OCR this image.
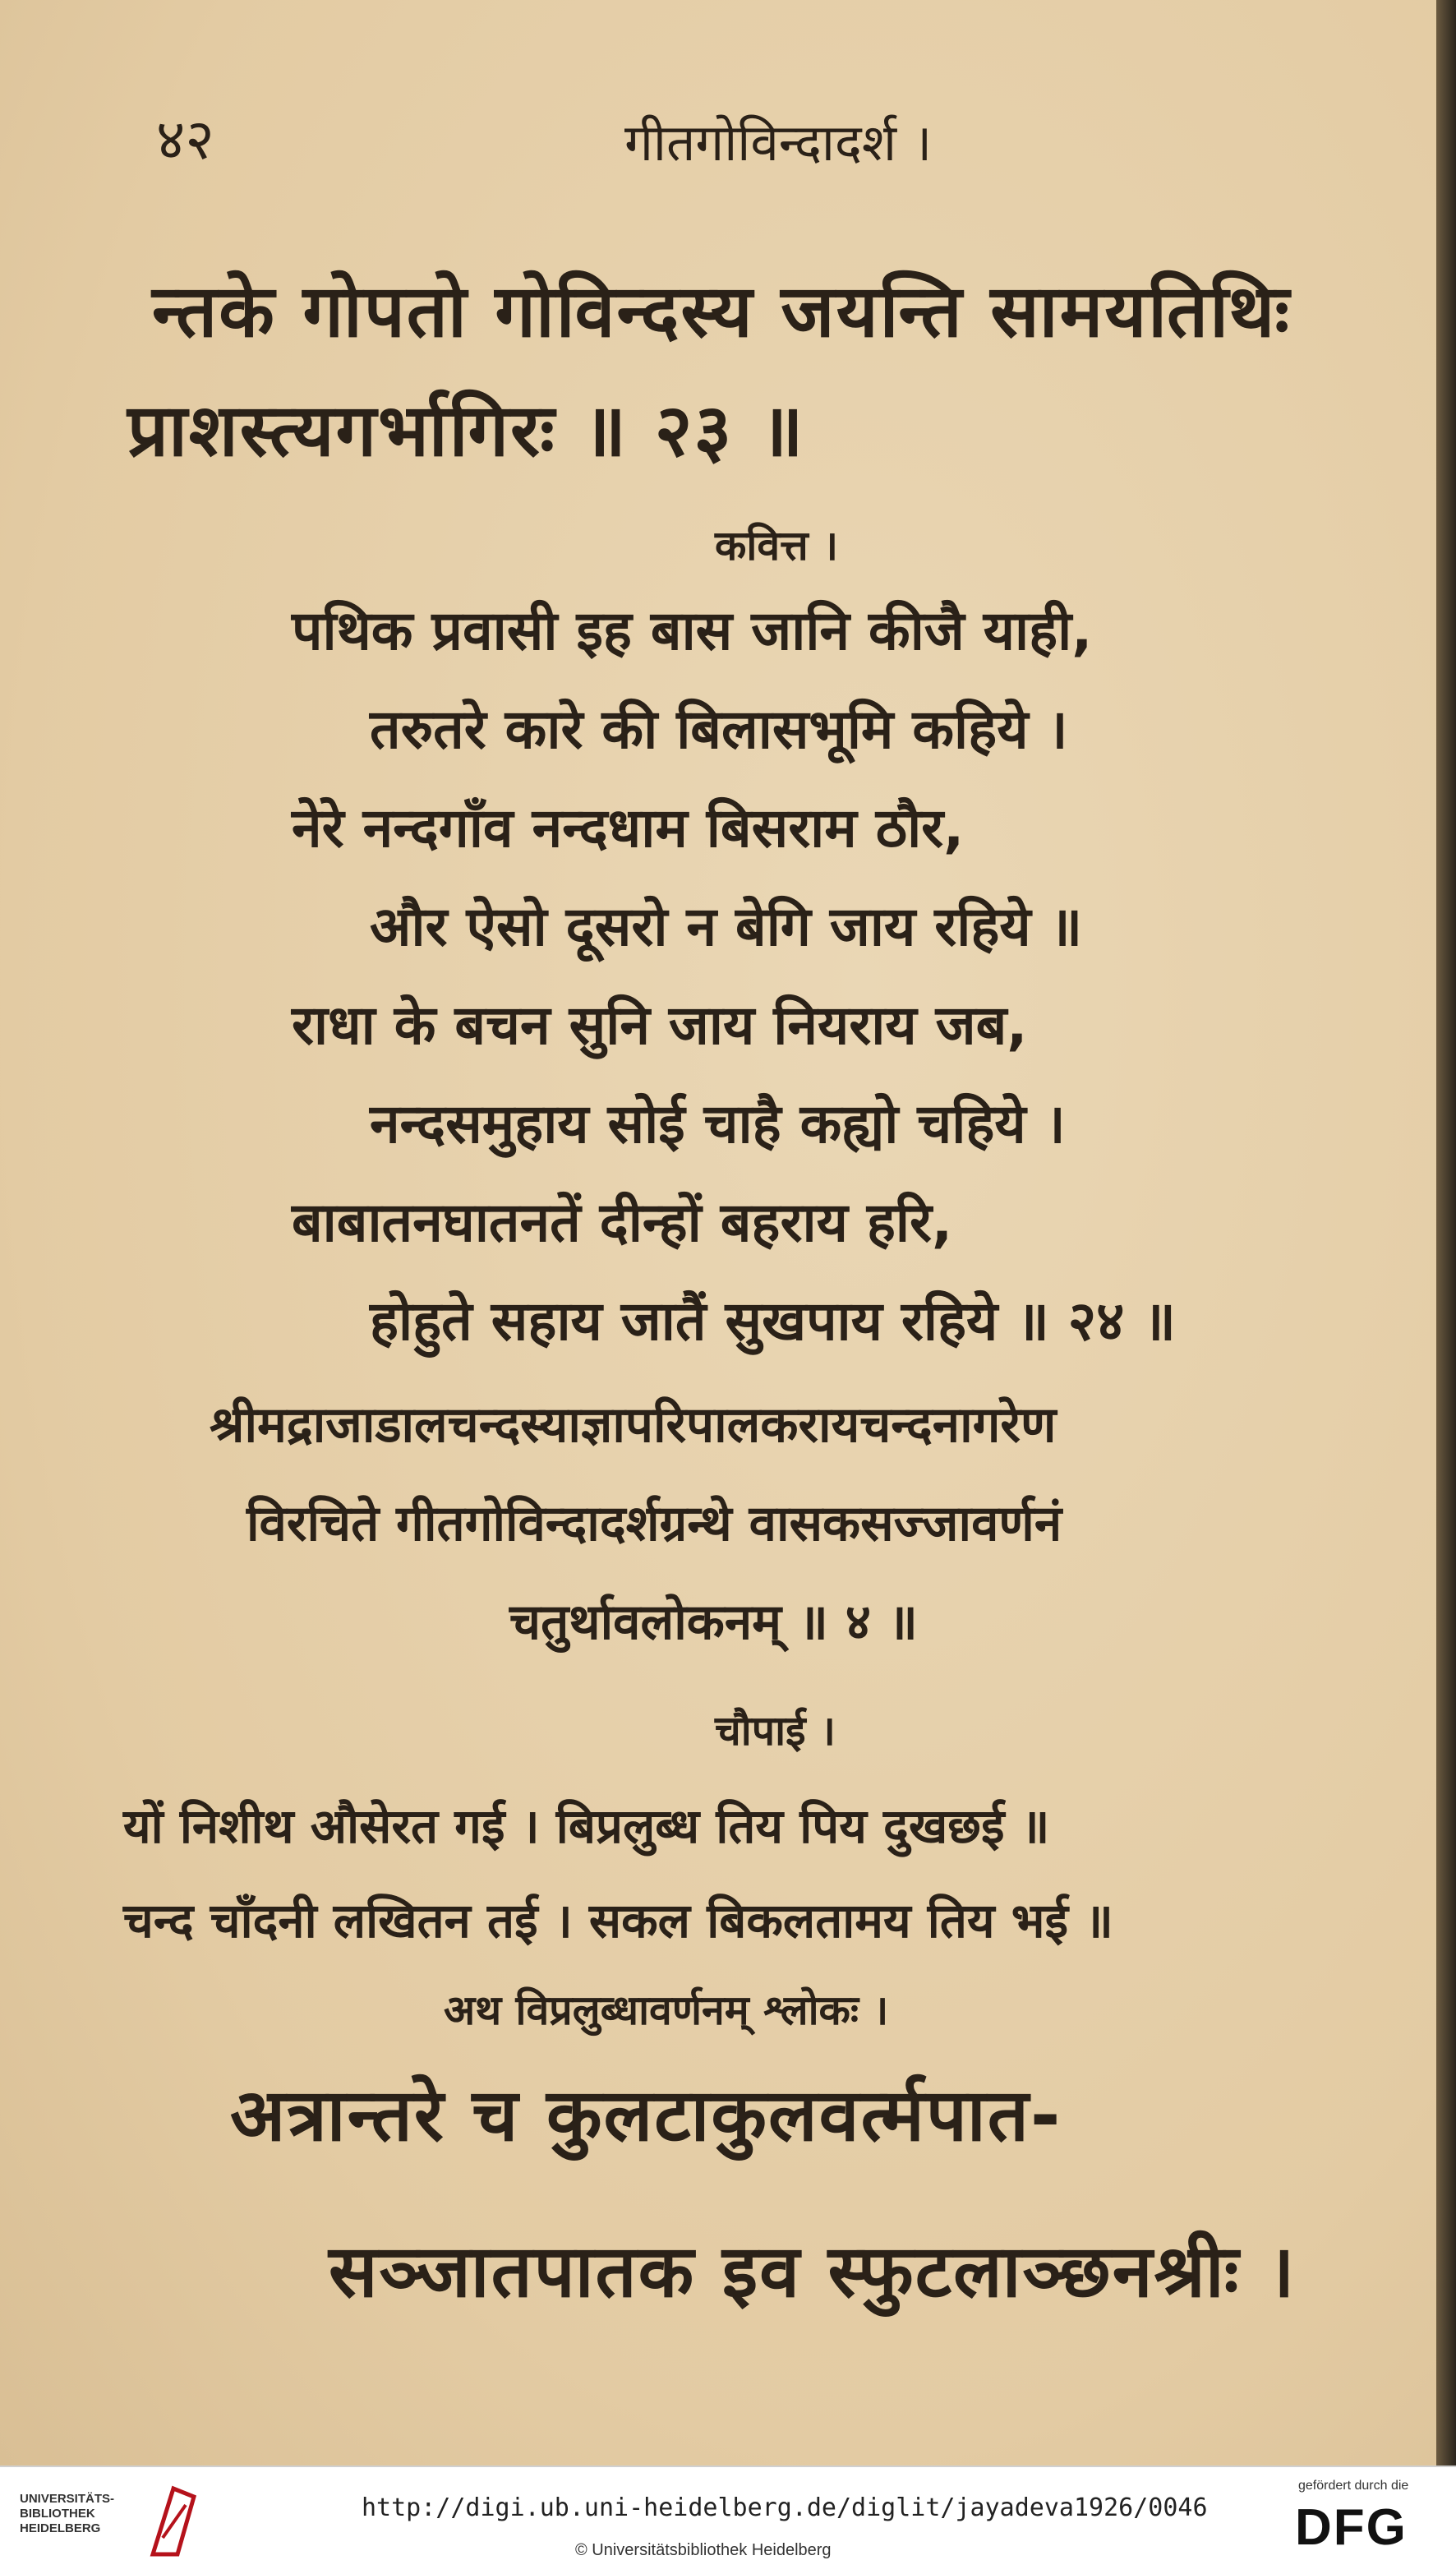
४२	गीतगोविन्दादर्श ।
न्तके गोपतो गोविन्दस्य जयन्ति सामयतिथिः
प्राशस्त्यगर्भागिरः ॥ २३ ॥
कवित्त ।
पथिक प्रवासी इह बास जानि कीजै याही,
तरुतरे कारे की बिलासभूमि कहिये ।
नेरे नन्दगाँव नन्दधाम बिसराम ठौर,
और ऐसो दूसरो न बेगि जाय रहिये ॥
राधा के बचन सुनि जाय नियराय जब,
नन्दसमुहाय सोई चाहै कह्यो चहिये ।
बाबातनघातनतें दीन्हों बहराय हरि,
होहुते सहाय जातैं सुखपाय रहिये ॥ २४ ॥
श्रीमद्राजाडालचन्दस्याज्ञापरिपालकरायचन्दनागरेण
विरचिते गीतगोविन्दादर्शग्रन्थे वासकसज्जावर्णनं
चतुर्थावलोकनम् ॥ ४ ॥
चौपाई ।
यों निशीथ औसेरत गई । बिप्रलुब्ध तिय पिय दुखछई ॥
चन्द चाँदनी लखितन तई । सकल बिकलतामय तिय भई ॥
अथ विप्रलुब्धावर्णनम् श्लोकः ।
अत्रान्तरे च कुलटाकुलवर्त्मपात-
सञ्जातपातक इव स्फुटलाञ्छनश्रीः ।
UNIVERSITÄTS-
BIBLIOTHEK
HEIDELBERG
http://digi.ub.uni-heidelberg.de/diglit/jayadeva1926/0046
© Universitätsbibliothek Heidelberg
gefördert durch die
DFG
